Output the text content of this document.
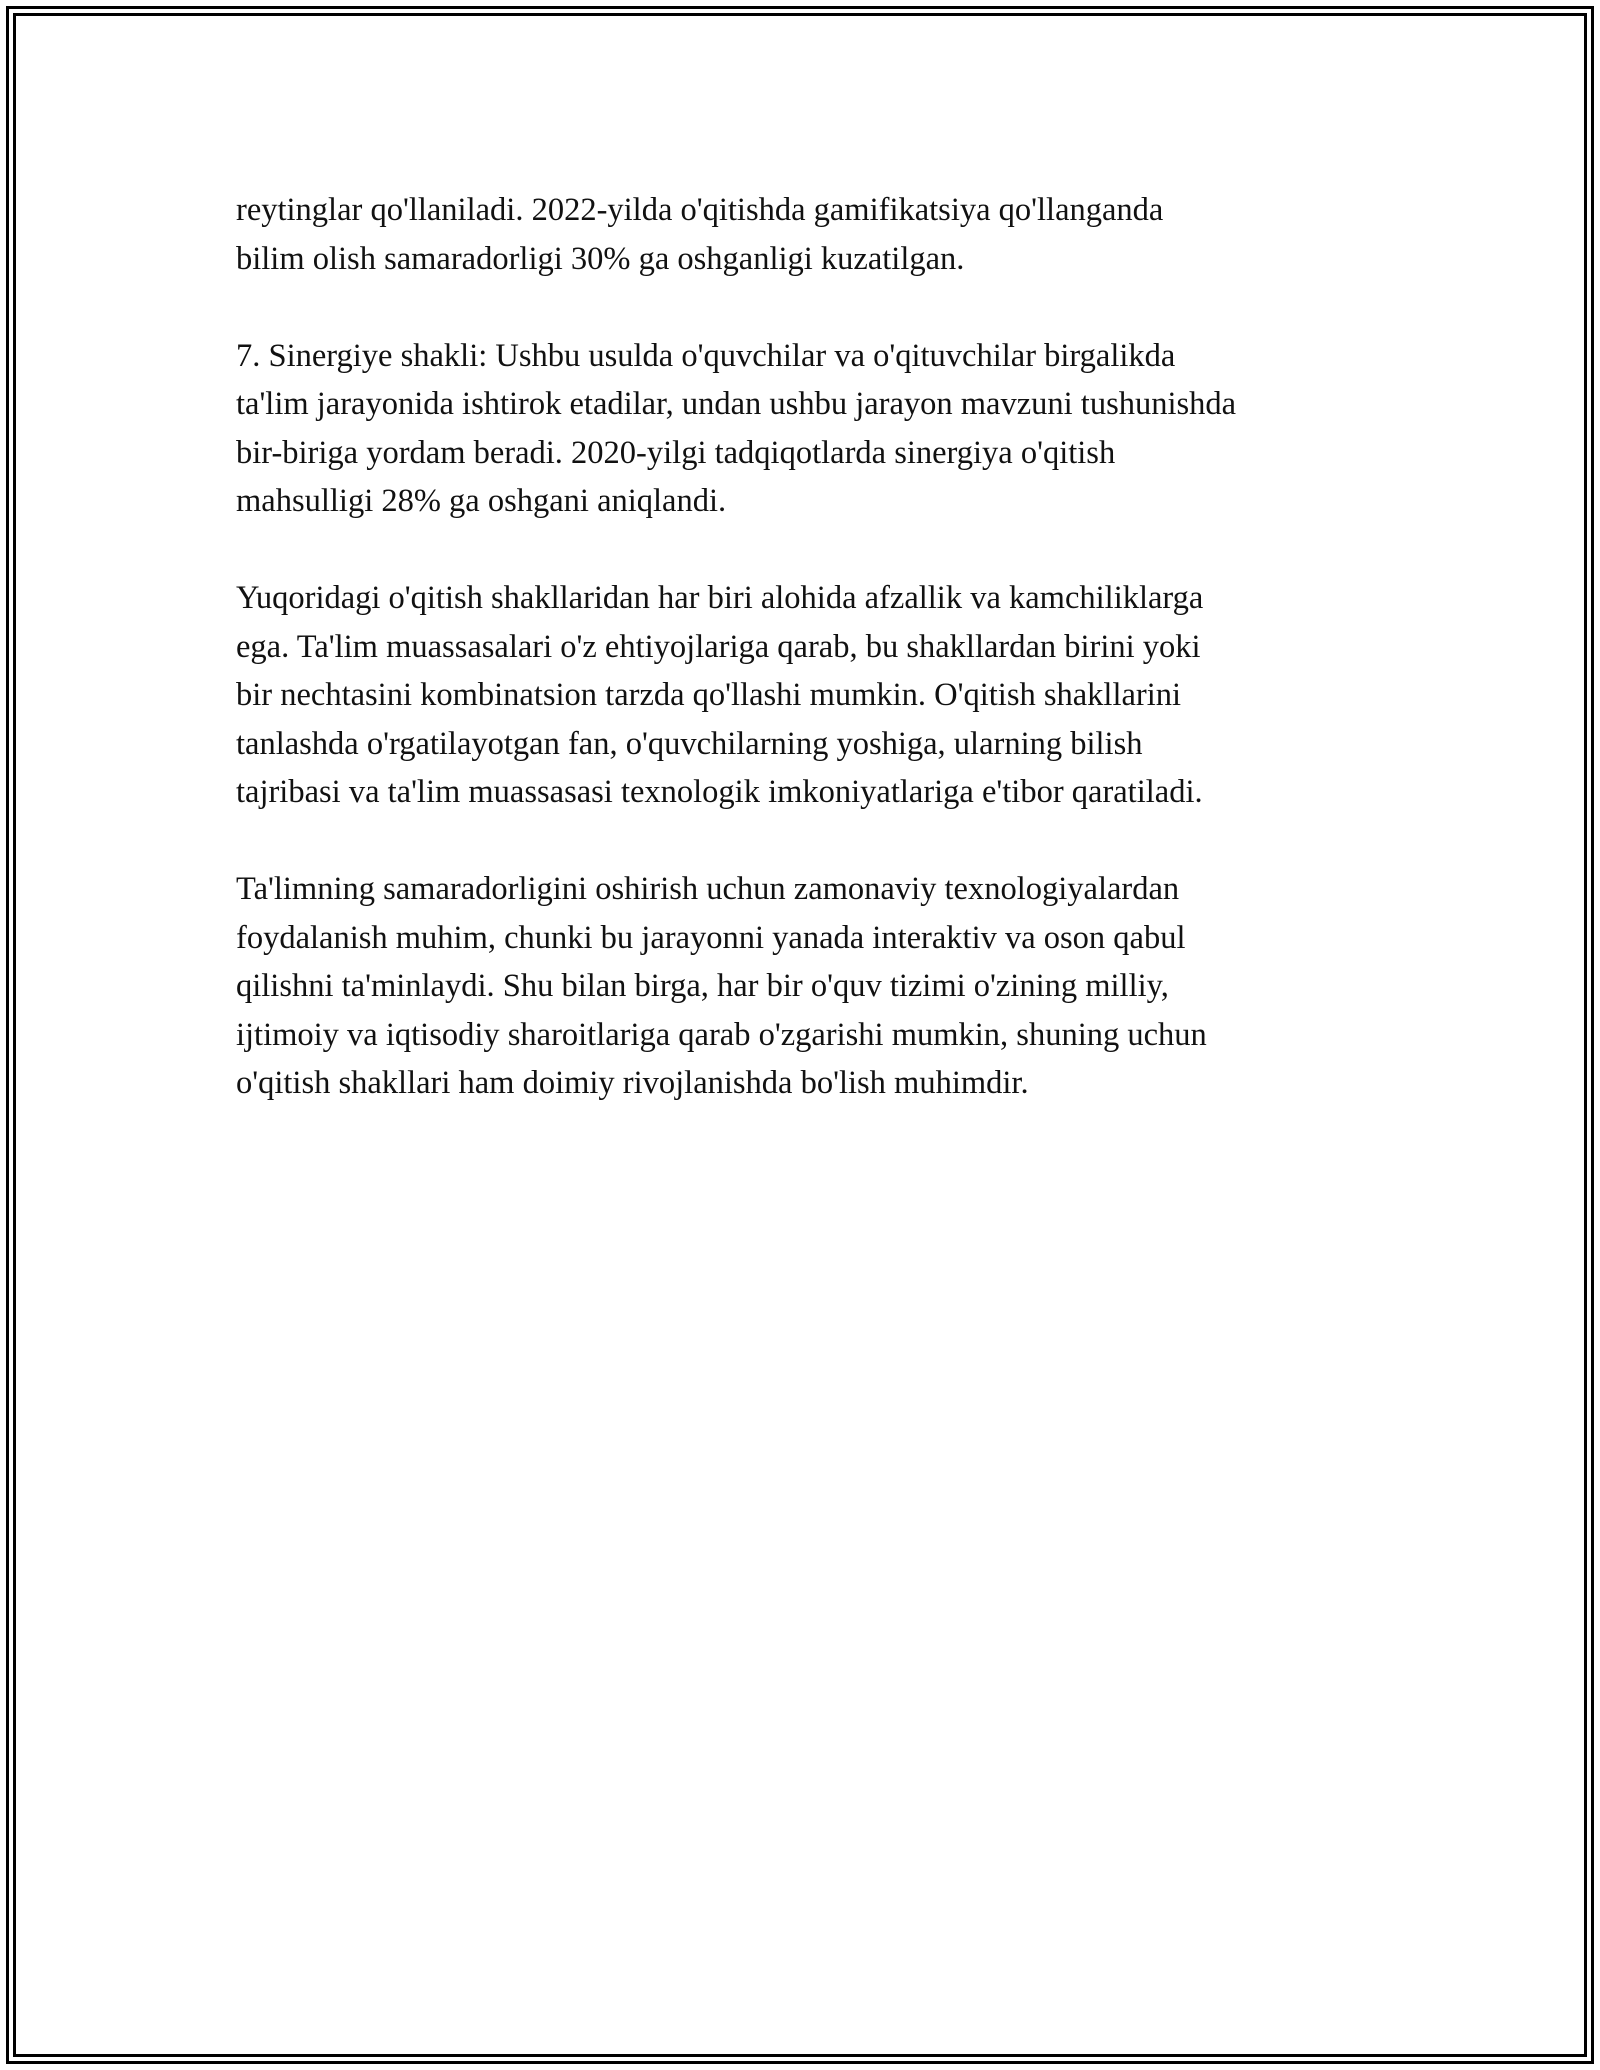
reytinglar qo'llaniladi. 2022-yilda o'qitishda gamifikatsiya qo'llanganda
bilim olish samaradorligi 30% ga oshganligi kuzatilgan.

7. Sinergiye shakli: Ushbu usulda o'quvchilar va o'qituvchilar birgalikda
ta'lim jarayonida ishtirok etadilar, undan ushbu jarayon mavzuni tushunishda
bir-biriga yordam beradi. 2020-yilgi tadqiqotlarda sinergiya o'qitish
mahsulligi 28% ga oshgani aniqlandi.

Yuqoridagi o'qitish shakllaridan har biri alohida afzallik va kamchiliklarga
ega. Ta'lim muassasalari o'z ehtiyojlariga qarab, bu shakllardan birini yoki
bir nechtasini kombinatsion tarzda qo'llashi mumkin. O'qitish shakllarini
tanlashda o'rgatilayotgan fan, o'quvchilarning yoshiga, ularning bilish
tajribasi va ta'lim muassasasi texnologik imkoniyatlariga e'tibor qaratiladi.

Ta'limning samaradorligini oshirish uchun zamonaviy texnologiyalardan
foydalanish muhim, chunki bu jarayonni yanada interaktiv va oson qabul
qilishni ta'minlaydi. Shu bilan birga, har bir o'quv tizimi o'zining milliy,
ijtimoiy va iqtisodiy sharoitlariga qarab o'zgarishi mumkin, shuning uchun
o'qitish shakllari ham doimiy rivojlanishda bo'lish muhimdir.
